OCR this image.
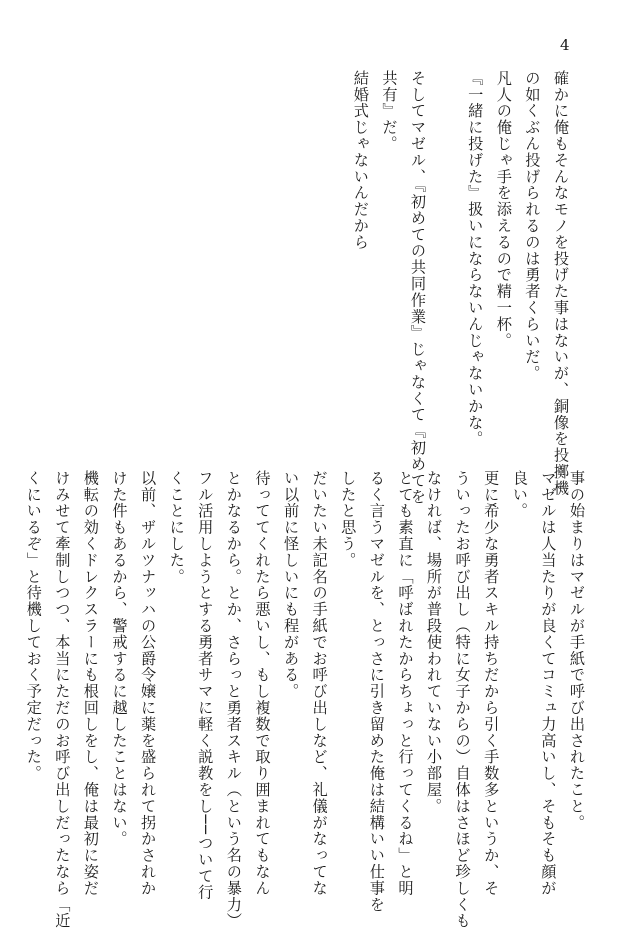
4
確かに俺もそんなモノを投げた事はないが、銅像を投擲機
の如くぶん投げられるのは勇者くらいだ。
凡人の俺じゃ手を添えるので精一杯。
『一緒に投げた』扱いにならないんじゃないかな。

そしてマゼル、『初めての共同作業』じゃなくて『初めてを
共有』だ。
結婚式じゃないんだから
事の始まりはマゼルが手紙で呼び出されたこと。
マゼルは人当たりが良くてコミュ力高いし、そもそも顔が
良い。
更に希少な勇者スキル持ちだから引く手数多というか、そ
ういったお呼び出し（特に女子からの）自体はさほど珍しくも
なければ、場所が普段使われていない小部屋。
とても素直に「呼ばれたからちょっと行ってくるね」と明
るく言うマゼルを、とっさに引き留めた俺は結構いい仕事を
したと思う。
だいたい未記名の手紙でお呼び出しなど、礼儀がなってな
い以前に怪しいにも程がある。
待っててくれたら悪いし、もし複数で取り囲まれてもなん
とかなるから。とか、さらっと勇者スキル（という名の暴力）
フル活用しようとする勇者サマに軽く説教をし──ついて行
くことにした。
以前、ザルツナッハの公爵令嬢に薬を盛られて拐かされか
けた件もあるから、警戒するに越したことはない。
機転の効くドレクスラーにも根回しをし、俺は最初に姿だ
けみせて牽制しつつ、本当にただのお呼び出しだったなら「近
くにいるぞ」と待機しておく予定だった。
